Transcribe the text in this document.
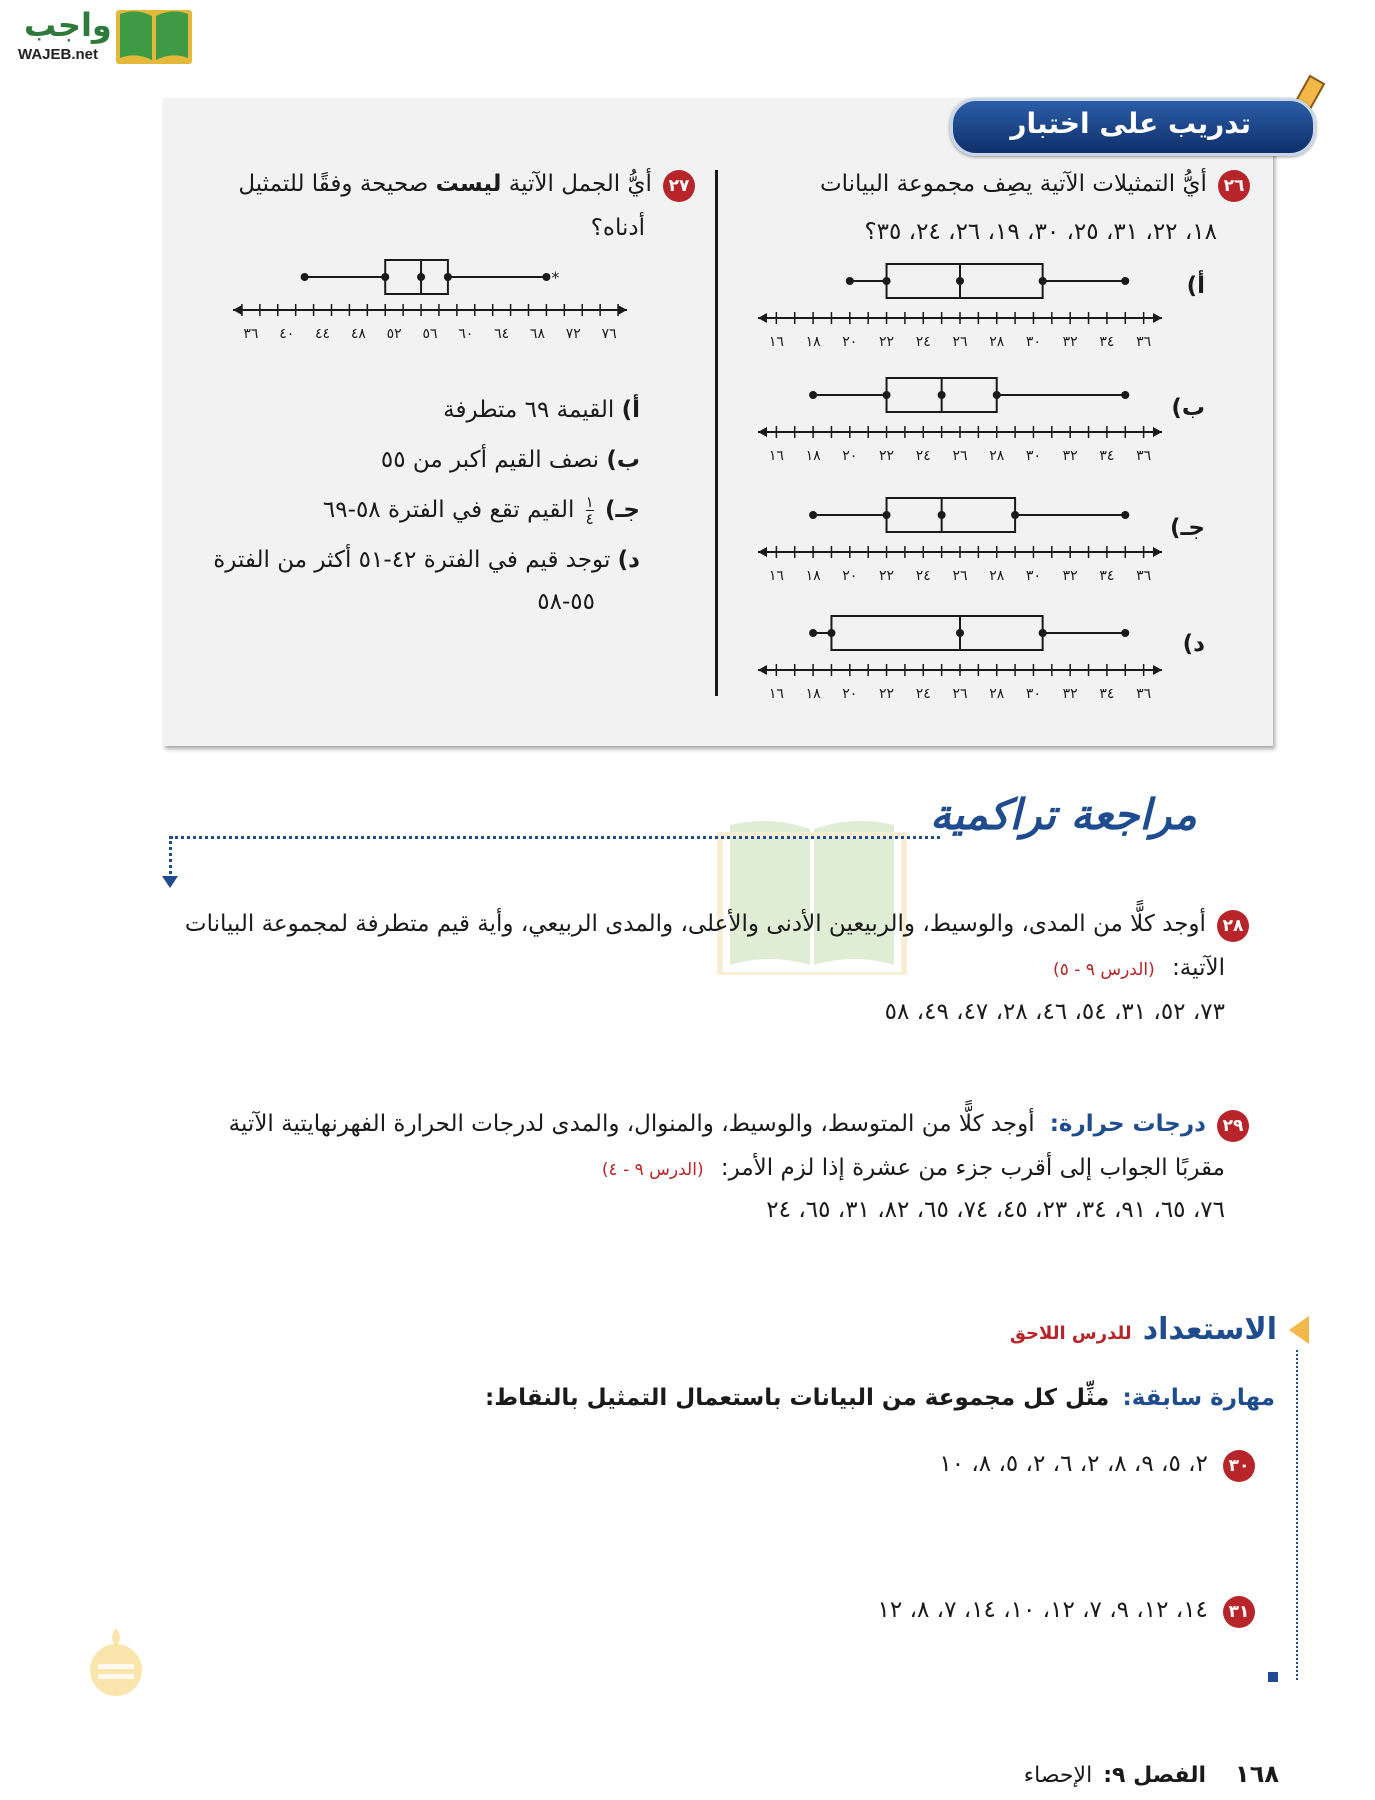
واجب
WAJEB.net
تدريب على اختبار
٢٦ أيُّ التمثيلات الآتية يصِف مجموعة البيانات
١٨، ٢٢، ٣١، ٢٥، ٣٠، ١٩، ٢٦، ٢٤، ٣٥؟
أ)
ب)
جـ)
د)
١٦ ١٨ ٢٠ ٢٢ ٢٤ ٢٦ ٢٨ ٣٠ ٣٢ ٣٤ ٣٦
١٦ ١٨ ٢٠ ٢٢ ٢٤ ٢٦ ٢٨ ٣٠ ٣٢ ٣٤ ٣٦
١٦ ١٨ ٢٠ ٢٢ ٢٤ ٢٦ ٢٨ ٣٠ ٣٢ ٣٤ ٣٦
١٦ ١٨ ٢٠ ٢٢ ٢٤ ٢٦ ٢٨ ٣٠ ٣٢ ٣٤ ٣٦
٢٧ أيُّ الجمل الآتية ليست صحيحة وفقًا للتمثيل
أدناه؟
*
٣٦ ٤٠ ٤٤ ٤٨ ٥٢ ٥٦ ٦٠ ٦٤ ٦٨ ٧٢ ٧٦
أ) القيمة ٦٩ متطرفة
ب) نصف القيم أكبر من ٥٥
جـ)
١
٤
القيم تقع في الفترة ٥٨-٦٩
د) توجد قيم في الفترة ٤٢-٥١ أكثر من الفترة
٥٥-٥٨
مراجعة تراكمية
٢٨ أوجد كلًّا من المدى، والوسيط، والربيعين الأدنى والأعلى، والمدى الربيعي، وأية قيم متطرفة لمجموعة البيانات
الآتية: (الدرس ٩ - ٥)
٧٣، ٥٢، ٣١، ٥٤، ٤٦، ٢٨، ٤٧، ٤٩، ٥٨
٢٩ درجات حرارة: أوجد كلًّا من المتوسط، والوسيط، والمنوال، والمدى لدرجات الحرارة الفهرنهايتية الآتية
مقربًا الجواب إلى أقرب جزء من عشرة إذا لزم الأمر: (الدرس ٩ - ٤)
٧٦، ٦٥، ٩١، ٣٤، ٢٣، ٤٥، ٧٤، ٦٥، ٨٢، ٣١، ٦٥، ٢٤
الاستعداد للدرس اللاحق
مهارة سابقة: مثِّل كل مجموعة من البيانات باستعمال التمثيل بالنقاط:
٣٠ ٢، ٥، ٩، ٨، ٢، ٦، ٢، ٥، ٨، ١٠
٣١ ١٤، ١٢، ٩، ٧، ١٢، ١٠، ١٤، ٧، ٨، ١٢
١٦٨ الفصل ٩: الإحصاء
